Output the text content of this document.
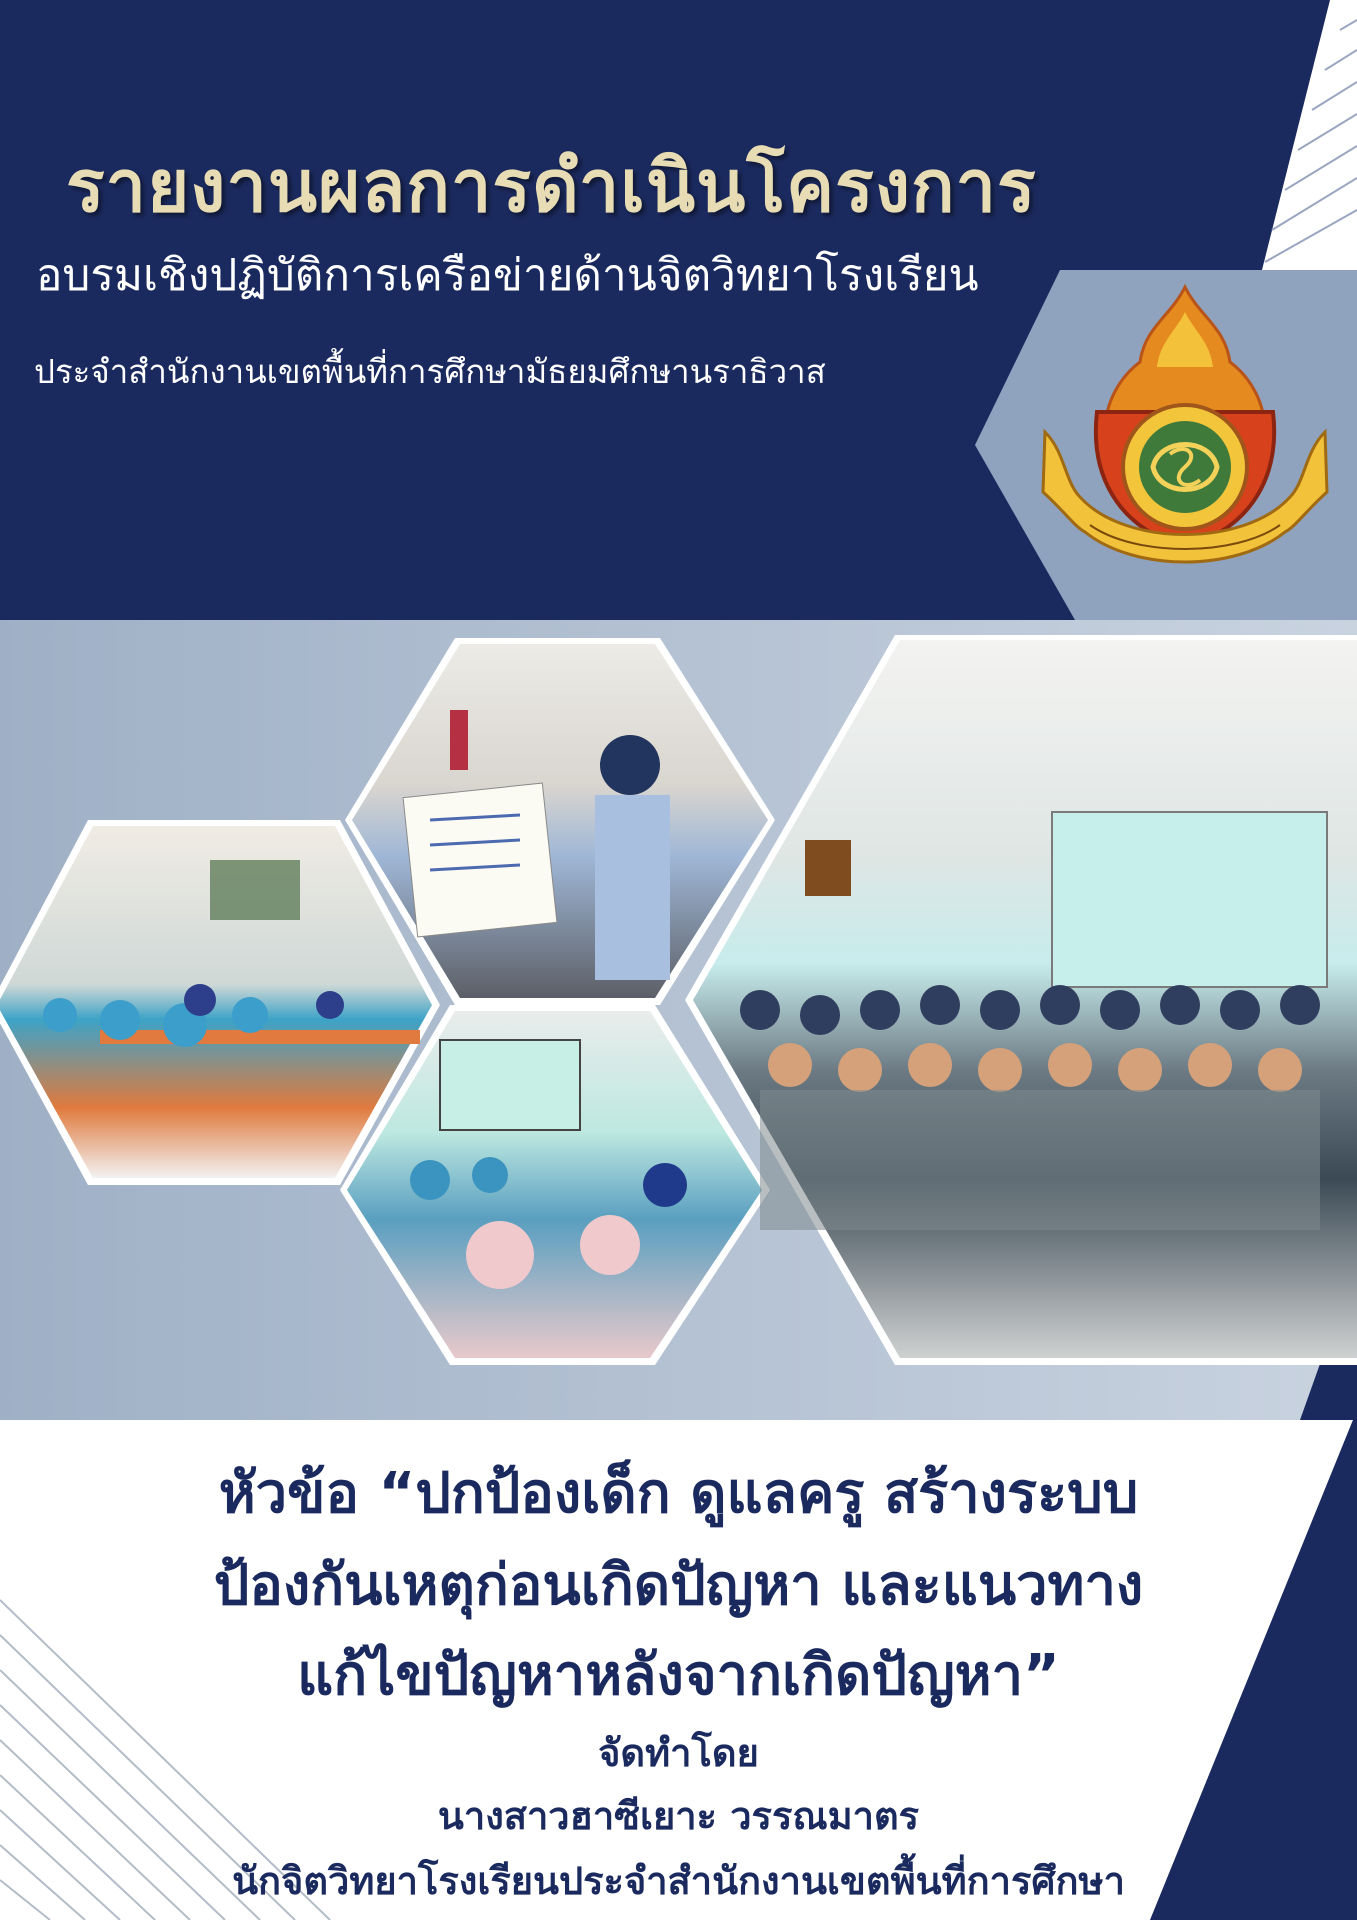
รายงานผลการดำเนินโครงการ
อบรมเชิงปฏิบัติการเครือข่ายด้านจิตวิทยาโรงเรียน
ประจำสำนักงานเขตพื้นที่การศึกษามัธยมศึกษานราธิวาส
หัวข้อ “ปกป้องเด็ก ดูแลครู สร้างระบบ
ป้องกันเหตุก่อนเกิดปัญหา และแนวทาง
แก้ไขปัญหาหลังจากเกิดปัญหา”
จัดทำโดย
นางสาวฮาซีเยาะ วรรณมาตร
นักจิตวิทยาโรงเรียนประจำสำนักงานเขตพื้นที่การศึกษา
